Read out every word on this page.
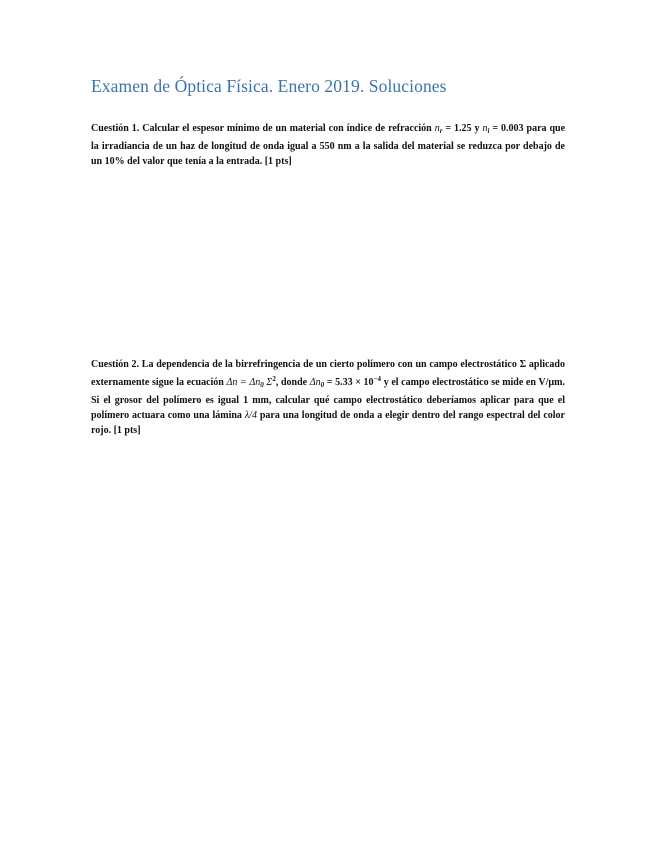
Examen de Óptica Física. Enero 2019. Soluciones
Cuestión 1. Calcular el espesor mínimo de un material con índice de refracción $n_r = 1.25$ y $n_i = 0.003$ para que la irradiancia de un haz de longitud de onda igual a 550 nm a la salida del material se reduzca por debajo de un 10% del valor que tenía a la entrada. [1 pts]
Cuestión 2. La dependencia de la birrefringencia de un cierto polímero con un campo electrostático Σ aplicado externamente sigue la ecuación $\Delta n = \Delta n_0$ $\Sigma^2$, donde $\Delta n_0 = 5.33 \times 10^{-4}$ y el campo electrostático se mide en V/µm. Si el grosor del polímero es igual 1 mm, calcular qué campo electrostático deberíamos aplicar para que el polímero actuara como una lámina λ/4 para una longitud de onda a elegir dentro del rango espectral del color rojo. [1 pts]
